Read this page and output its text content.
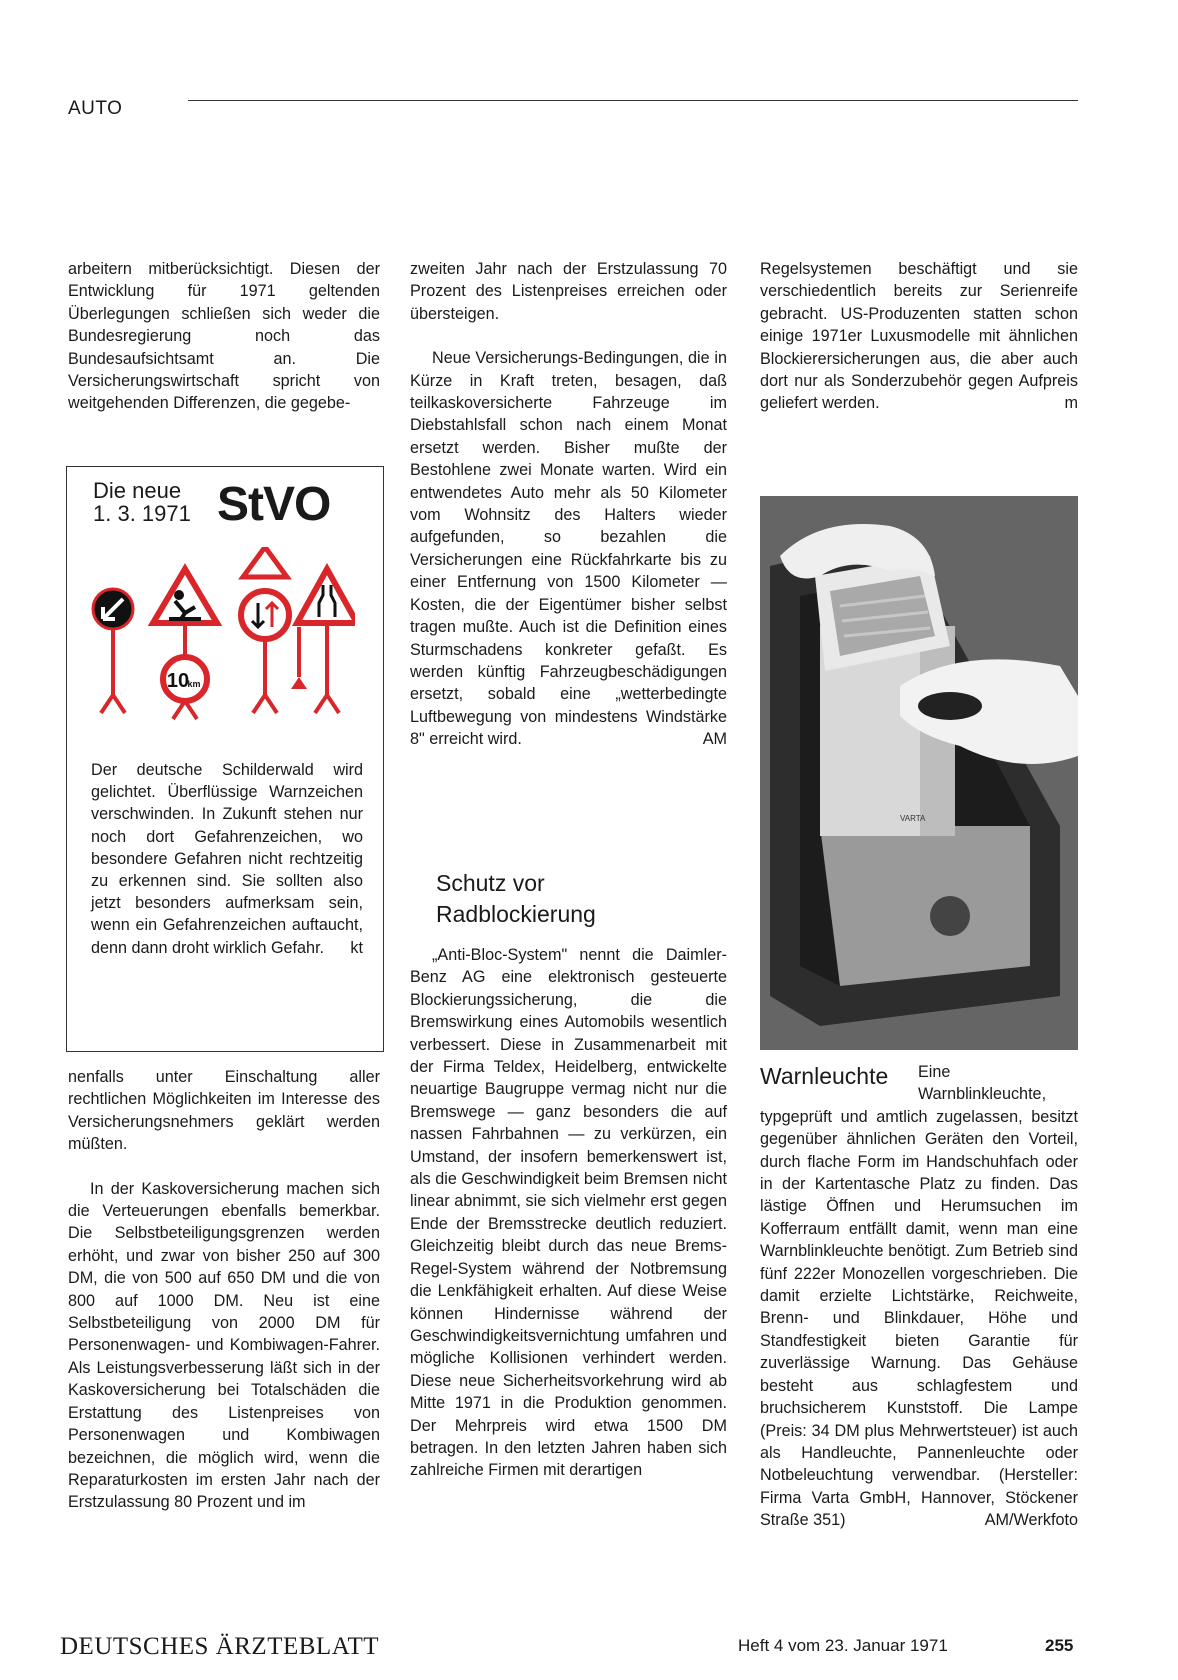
AUTO

arbeitern mitberücksichtigt. Diesen der Entwicklung für 1971 geltenden Überlegungen schließen sich weder die Bundesregierung noch das Bundesaufsichtsamt an. Die Versicherungswirtschaft spricht von weitgehenden Differenzen, die gegebe-

Die neue
1. 3. 1971 StVO
10
km
Der deutsche Schilderwald wird gelichtet. Überflüssige Warnzeichen verschwinden. In Zukunft stehen nur noch dort Gefahrenzeichen, wo besondere Gefahren nicht rechtzeitig zu erkennen sind. Sie sollten also jetzt besonders aufmerksam sein, wenn ein Gefahrenzeichen auftaucht, denn dann droht wirklich Gefahr. kt

nenfalls unter Einschaltung aller rechtlichen Möglichkeiten im Interesse des Versicherungsnehmers geklärt werden müßten.

In der Kaskoversicherung machen sich die Verteuerungen ebenfalls bemerkbar. Die Selbstbeteiligungsgrenzen werden erhöht, und zwar von bisher 250 auf 300 DM, die von 500 auf 650 DM und die von 800 auf 1000 DM. Neu ist eine Selbstbeteiligung von 2000 DM für Personenwagen- und Kombiwagen-Fahrer. Als Leistungsverbesserung läßt sich in der Kaskoversicherung bei Totalschäden die Erstattung des Listenpreises von Personenwagen und Kombiwagen bezeichnen, die möglich wird, wenn die Reparaturkosten im ersten Jahr nach der Erstzulassung 80 Prozent und im

zweiten Jahr nach der Erstzulassung 70 Prozent des Listenpreises erreichen oder übersteigen.

Neue Versicherungs-Bedingungen, die in Kürze in Kraft treten, besagen, daß teilkaskoversicherte Fahrzeuge im Diebstahlsfall schon nach einem Monat ersetzt werden. Bisher mußte der Bestohlene zwei Monate warten. Wird ein entwendetes Auto mehr als 50 Kilometer vom Wohnsitz des Halters wieder aufgefunden, so bezahlen die Versicherungen eine Rückfahrkarte bis zu einer Entfernung von 1500 Kilometer — Kosten, die der Eigentümer bisher selbst tragen mußte. Auch ist die Definition eines Sturmschadens konkreter gefaßt. Es werden künftig Fahrzeugbeschädigungen ersetzt, sobald eine „wetterbedingte Luftbewegung von mindestens Windstärke 8" erreicht wird.	AM

Schutz vor
Radblockierung

„Anti-Bloc-System" nennt die Daimler-Benz AG eine elektronisch gesteuerte Blockierungssicherung, die die Bremswirkung eines Automobils wesentlich verbessert. Diese in Zusammenarbeit mit der Firma Teldex, Heidelberg, entwickelte neuartige Baugruppe vermag nicht nur die Bremswege — ganz besonders die auf nassen Fahrbahnen — zu verkürzen, ein Umstand, der insofern bemerkenswert ist, als die Geschwindigkeit beim Bremsen nicht linear abnimmt, sie sich vielmehr erst gegen Ende der Bremsstrecke deutlich reduziert. Gleichzeitig bleibt durch das neue Brems-Regel-System während der Notbremsung die Lenkfähigkeit erhalten. Auf diese Weise können Hindernisse während der Geschwindigkeitsvernichtung umfahren und mögliche Kollisionen verhindert werden. Diese neue Sicherheitsvorkehrung wird ab Mitte 1971 in die Produktion genommen. Der Mehrpreis wird etwa 1500 DM betragen. In den letzten Jahren haben sich zahlreiche Firmen mit derartigen

Regelsystemen beschäftigt und sie verschiedentlich bereits zur Serienreife gebracht. US-Produzenten statten schon einige 1971er Luxusmodelle mit ähnlichen Blockierersicherungen aus, die aber auch dort nur als Sonderzubehör gegen Aufpreis geliefert werden.	m

VARTA
Warnleuchte	Eine Warnblinkleuchte, typgeprüft und amtlich zugelassen, besitzt gegenüber ähnlichen Geräten den Vorteil, durch flache Form im Handschuhfach oder in der Kartentasche Platz zu finden. Das lästige Öffnen und Herumsuchen im Kofferraum entfällt damit, wenn man eine Warnblinkleuchte benötigt. Zum Betrieb sind fünf 222er Monozellen vorgeschrieben. Die damit erzielte Lichtstärke, Reichweite, Brenn- und Blinkdauer, Höhe und Standfestigkeit bieten Garantie für zuverlässige Warnung. Das Gehäuse besteht aus schlagfestem und bruchsicherem Kunststoff. Die Lampe (Preis: 34 DM plus Mehrwertsteuer) ist auch als Handleuchte, Pannenleuchte oder Notbeleuchtung verwendbar. (Hersteller: Firma Varta GmbH, Hannover, Stöckener Straße 351)	AM/Werkfoto

DEUTSCHES ÄRZTEBLATT	Heft 4 vom 23. Januar 1971	255
